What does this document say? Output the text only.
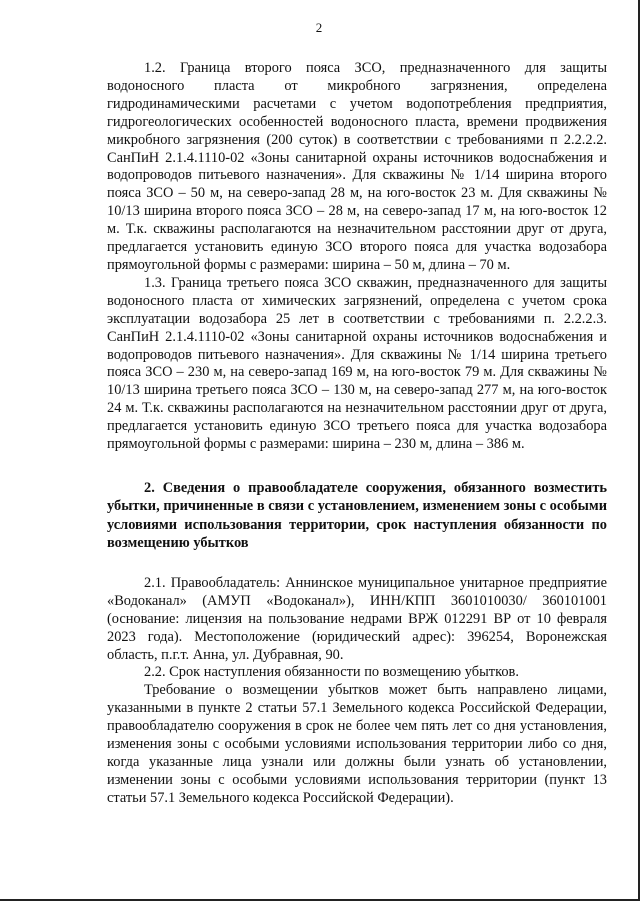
2

1.2. Граница второго пояса ЗСО, предназначенного для защиты водоносного пласта от микробного загрязнения, определена гидродинамическими расчетами с учетом водопотребления предприятия, гидрогеологических особенностей водоносного пласта, времени продвижения микробного загрязнения (200 суток) в соответствии с требованиями п 2.2.2.2. СанПиН 2.1.4.1110-02 «Зоны санитарной охраны источников водоснабжения и водопроводов питьевого назначения». Для скважины № 1/14 ширина второго пояса ЗСО – 50 м, на северо-запад 28 м, на юго-восток 23 м. Для скважины № 10/13 ширина второго пояса ЗСО – 28 м, на северо-запад 17 м, на юго-восток 12 м. Т.к. скважины располагаются на незначительном расстоянии друг от друга, предлагается установить единую ЗСО второго пояса для участка водозабора прямоугольной формы с размерами: ширина – 50 м, длина – 70 м.

1.3. Граница третьего пояса ЗСО скважин, предназначенного для защиты водоносного пласта от химических загрязнений, определена с учетом срока эксплуатации водозабора 25 лет в соответствии с требованиями п. 2.2.2.3. СанПиН 2.1.4.1110-02 «Зоны санитарной охраны источников водоснабжения и водопроводов питьевого назначения». Для скважины № 1/14 ширина третьего пояса ЗСО – 230 м, на северо-запад 169 м, на юго-восток 79 м. Для скважины № 10/13 ширина третьего пояса ЗСО – 130 м, на северо-запад 277 м, на юго-восток 24 м. Т.к. скважины располагаются на незначительном расстоянии друг от друга, предлагается установить единую ЗСО третьего пояса для участка водозабора прямоугольной формы с размерами: ширина – 230 м, длина – 386 м.

2. Сведения о правообладателе сооружения, обязанного возместить убытки, причиненные в связи с установлением, изменением зоны с особыми условиями использования территории, срок наступления обязанности по возмещению убытков

2.1. Правообладатель: Аннинское муниципальное унитарное предприятие «Водоканал» (АМУП «Водоканал»), ИНН/КПП 3601010030/ 360101001 (основание: лицензия на пользование недрами ВРЖ 012291 ВР от 10 февраля 2023 года). Местоположение (юридический адрес): 396254, Воронежская область, п.г.т. Анна, ул. Дубравная, 90.

2.2. Срок наступления обязанности по возмещению убытков.

Требование о возмещении убытков может быть направлено лицами, указанными в пункте 2 статьи 57.1 Земельного кодекса Российской Федерации, правообладателю сооружения в срок не более чем пять лет со дня установления, изменения зоны с особыми условиями использования территории либо со дня, когда указанные лица узнали или должны были узнать об установлении, изменении зоны с особыми условиями использования территории (пункт 13 статьи 57.1 Земельного кодекса Российской Федерации).
